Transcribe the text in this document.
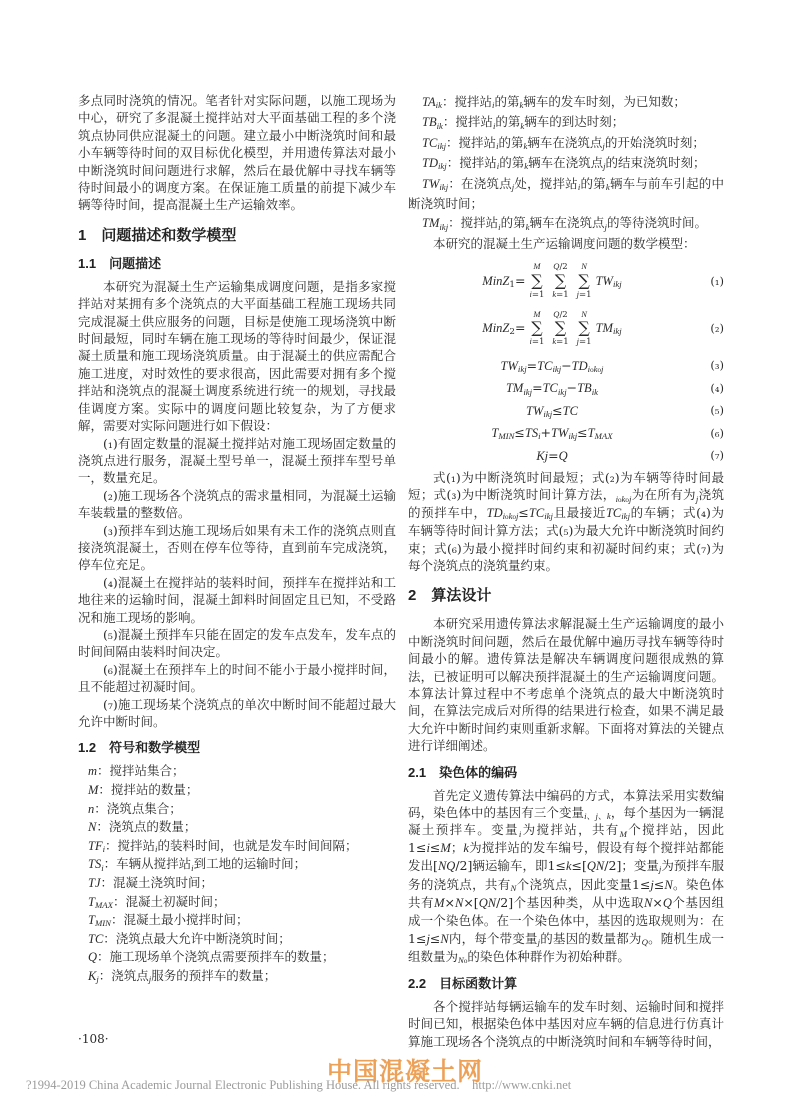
多点同时浇筑的情况。笔者针对实际问题，以施工现场为中心，研究了多混凝土搅拌站对大平面基础工程的多个浇筑点协同供应混凝土的问题。建立最小中断浇筑时间和最小车辆等待时间的双目标优化模型，并用遗传算法对最小中断浇筑时间问题进行求解，然后在最优解中寻找车辆等待时间最小的调度方案。在保证施工质量的前提下减少车辆等待时间，提高混凝土生产运输效率。

1　问题描述和数学模型
1.1　问题描述

本研究为混凝土生产运输集成调度问题，是指多家搅拌站对某拥有多个浇筑点的大平面基础工程施工现场共同完成混凝土供应服务的问题，目标是使施工现场浇筑中断时间最短，同时车辆在施工现场的等待时间最少，保证混凝土质量和施工现场浇筑质量。由于混凝土的供应需配合施工进度，对时效性的要求很高，因此需要对拥有多个搅拌站和浇筑点的混凝土调度系统进行统一的规划，寻找最佳调度方案。实际中的调度问题比较复杂，为了方便求解，需要对实际问题进行如下假设：

(₁)有固定数量的混凝土搅拌站对施工现场固定数量的浇筑点进行服务，混凝土型号单一，混凝土预拌车型号单一，数量充足。

(₂)施工现场各个浇筑点的需求量相同，为混凝土运输车装载量的整数倍。

(₃)预拌车到达施工现场后如果有未工作的浇筑点则直接浇筑混凝土，否则在停车位等待，直到前车完成浇筑，停车位充足。

(₄)混凝土在搅拌站的装料时间，预拌车在搅拌站和工地往来的运输时间，混凝土卸料时间固定且已知，不受路况和施工现场的影响。

(₅)混凝土预拌车只能在固定的发车点发车，发车点的时间间隔由装料时间决定。

(₆)混凝土在预拌车上的时间不能小于最小搅拌时间，且不能超过初凝时间。

(₇)施工现场某个浇筑点的单次中断时间不能超过最大允许中断时间。

1.2　符号和数学模型

m：搅拌站集合；

M：搅拌站的数量；

n：浇筑点集合；

N：浇筑点的数量；

$TF_i$：搅拌站$_i$的装料时间，也就是发车时间间隔；

$TS_i$：车辆从搅拌站$_i$到工地的运输时间；

TJ：混凝土浇筑时间；

$T_{MAX}$：混凝土初凝时间；

$T_{MIN}$：混凝土最小搅拌时间；

TC：浇筑点最大允许中断浇筑时间；

Q：施工现场单个浇筑点需要预拌车的数量；

$K_j$：浇筑点$_j$服务的预拌车的数量；

$TA_{ik}$：搅拌站$_i$的第$_k$辆车的发车时刻，为已知数；

$TB_{ik}$：搅拌站$_i$的第$_k$辆车的到达时刻；

$TC_{ikj}$：搅拌站$_i$的第$_k$辆车在浇筑点$_j$的开始浇筑时刻；

$TD_{ikj}$：搅拌站$_i$的第$_k$辆车在浇筑点$_j$的结束浇筑时刻；

$TW_{ikj}$：在浇筑点$_j$处，搅拌站$_i$的第$_k$辆车与前车引起的中断浇筑时间；

$TM_{ikj}$：搅拌站$_i$的第$_k$辆车在浇筑点$_j$的等待浇筑时间。

本研究的混凝土生产运输调度问题的数学模型：

MinZ$_1$=
M
∑
i=1
Q/2
∑
k=1
N
∑
j=1
$TW_{ikj}$	(₁)
MinZ$_2$=
M
∑
i=1
Q/2
∑
k=1
N
∑
j=1
$TM_{ikj}$	(₂)
$TW_{ikj}=TC_{ikj}-TD_{i_0k_0j}$	(₃)
$TM_{ikj}=TC_{ikj}-TB_{ik}$	(₄)
$TW_{ikj}\le TC$	(₅)
$T_{MIN}\le TS_i+TW_{ikj}\le T_{MAX}$	(₆)
Kj=Q	(₇)

式(₁)为中断浇筑时间最短；式(₂)为车辆等待时间最短；式(₃)为中断浇筑时间计算方法，$_{i_0k_0j}$为在所有为$_j$浇筑的预拌车中，$TD_{i_0k_0j}\le TC_{ikj}$且最接近$TC_{ikj}$的车辆；式(₄)为车辆等待时间计算方法；式(₅)为最大允许中断浇筑时间约束；式(₆)为最小搅拌时间约束和初凝时间约束；式(₇)为每个浇筑点的浇筑量约束。

2　算法设计

本研究采用遗传算法求解混凝土生产运输调度的最小中断浇筑时间问题，然后在最优解中遍历寻找车辆等待时间最小的解。遗传算法是解决车辆调度问题很成熟的算法，已被证明可以解决预拌混凝土的生产运输调度问题。本算法计算过程中不考虑单个浇筑点的最大中断浇筑时间，在算法完成后对所得的结果进行检查，如果不满足最大允许中断时间约束则重新求解。下面将对算法的关键点进行详细阐述。

2.1　染色体的编码

首先定义遗传算法中编码的方式，本算法采用实数编码，染色体中的基因有三个变量$_{i、j、k}$，每个基因为一辆混凝土预拌车。变量$_i$为搅拌站，共有$_M$个搅拌站，因此1≤i≤M；k为搅拌站的发车编号，假设有每个搅拌站都能发出[NQ/2]辆运输车，即1≤k≤[QN/2]；变量$_j$为预拌车服务的浇筑点，共有$_N$个浇筑点，因此变量1≤j≤N。染色体共有M×N×[QN/2]个基因种类，从中选取N×Q个基因组成一个染色体。在一个染色体中，基因的选取规则为：在1≤j≤N内，每个带变量$_j$的基因的数量都为$_Q$。随机生成一组数量为$_{N_0}$的染色体种群作为初始种群。

2.2　目标函数计算

各个搅拌站每辆运输车的发车时刻、运输时间和搅拌时间已知，根据染色体中基因对应车辆的信息进行仿真计算施工现场各个浇筑点的中断浇筑时间和车辆等待时间，

·108·
中国混凝土网
?1994-2019 China Academic Journal Electronic Publishing House. All rights reserved.    http://www.cnki.net
